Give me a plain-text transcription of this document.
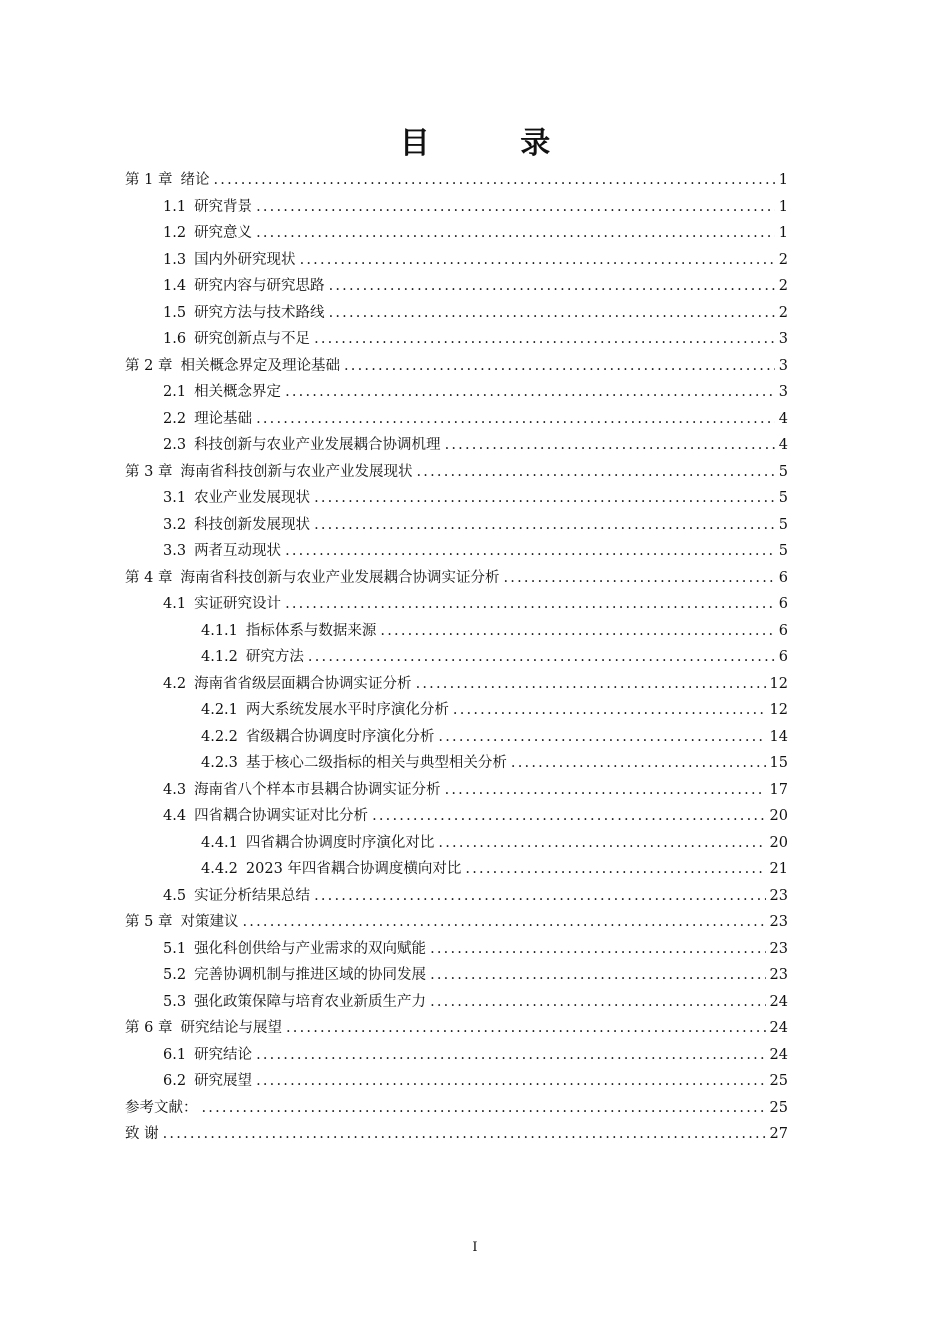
目 录
第 1 章 绪论 .....	1
1.1 研究背景 .....	1
1.2 研究意义 .....	1
1.3 国内外研究现状 .....	2
1.4 研究内容与研究思路 .....	2
1.5 研究方法与技术路线 .....	2
1.6 研究创新点与不足 .....	3
第 2 章 相关概念界定及理论基础 .....	3
2.1 相关概念界定 .....	3
2.2 理论基础 .....	4
2.3 科技创新与农业产业发展耦合协调机理 .....	4
第 3 章 海南省科技创新与农业产业发展现状 .....	5
3.1 农业产业发展现状 .....	5
3.2 科技创新发展现状 .....	5
3.3 两者互动现状 .....	5
第 4 章 海南省科技创新与农业产业发展耦合协调实证分析 .....	6
4.1 实证研究设计 .....	6
4.1.1 指标体系与数据来源 .....	6
4.1.2 研究方法 .....	6
4.2 海南省省级层面耦合协调实证分析 .....	12
4.2.1 两大系统发展水平时序演化分析 .....	12
4.2.2 省级耦合协调度时序演化分析 .....	14
4.2.3 基于核心二级指标的相关与典型相关分析 .....	15
4.3 海南省八个样本市县耦合协调实证分析 .....	17
4.4 四省耦合协调实证对比分析 .....	20
4.4.1 四省耦合协调度时序演化对比 .....	20
4.4.2 2023 年四省耦合协调度横向对比 .....	21
4.5 实证分析结果总结 .....	23
第 5 章 对策建议 .....	23
5.1 强化科创供给与产业需求的双向赋能 .....	23
5.2 完善协调机制与推进区域的协同发展 .....	23
5.3 强化政策保障与培育农业新质生产力 .....	24
第 6 章 研究结论与展望 .....	24
6.1 研究结论 .....	24
6.2 研究展望 .....	25
参考文献： .....	25
致 谢 .....	27
I
